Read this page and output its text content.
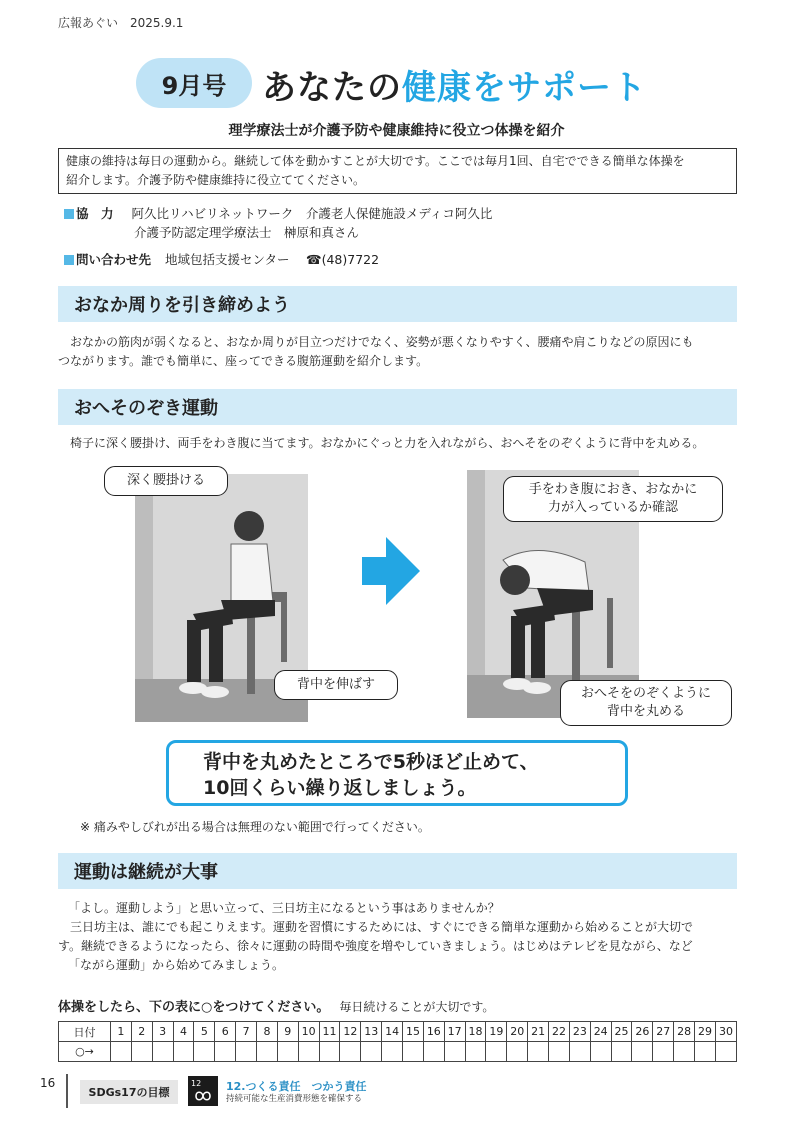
広報あぐい　2025.9.1
9月号	あなたの健康をサポート
理学療法士が介護予防や健康維持に役立つ体操を紹介
健康の維持は毎日の運動から。継続して体を動かすことが大切です。ここでは毎月1回、自宅でできる簡単な体操を
紹介します。介護予防や健康維持に役立ててください。
協　力 阿久比リハビリネットワーク　介護老人保健施設メディコ阿久比
介護予防認定理学療法士　榊原和真さん
問い合わせ先 地域包括支援センター　 ☎(48)7722
おなか周りを引き締めよう
おなかの筋肉が弱くなると、おなか周りが目立つだけでなく、姿勢が悪くなりやすく、腰痛や肩こりなどの原因にも
つながります。誰でも簡単に、座ってできる腹筋運動を紹介します。
おへそのぞき運動
椅子に深く腰掛け、両手をわき腹に当てます。おなかにぐっと力を入れながら、おへそをのぞくように背中を丸める。
深く腰掛ける
背中を伸ばす
手をわき腹におき、おなかに
力が入っているか確認
おへそをのぞくように
背中を丸める
背中を丸めたところで5秒ほど止めて、
10回くらい繰り返しましょう。
※ 痛みやしびれが出る場合は無理のない範囲で行ってください。
運動は継続が大事
「よし。運動しよう」と思い立って、三日坊主になるという事はありませんか？
三日坊主は、誰にでも起こりえます。運動を習慣にするためには、すぐにできる簡単な運動から始めることが大切で
す。継続できるようになったら、徐々に運動の時間や強度を増やしていきましょう。はじめはテレビを見ながら、など
「ながら運動」から始めてみましょう。
体操をしたら、下の表に○をつけてください。 毎日続けることが大切です。
日付	1	2	3	4	5	6	7	8	9	10	11	12	13	14	15	16	17	18	19	20	21	22	23	24	25	26	27	28	29	30
○→																														
16
SDGs17の目標
12 12.つくる責任　つかう責任
持続可能な生産消費形態を確保する
